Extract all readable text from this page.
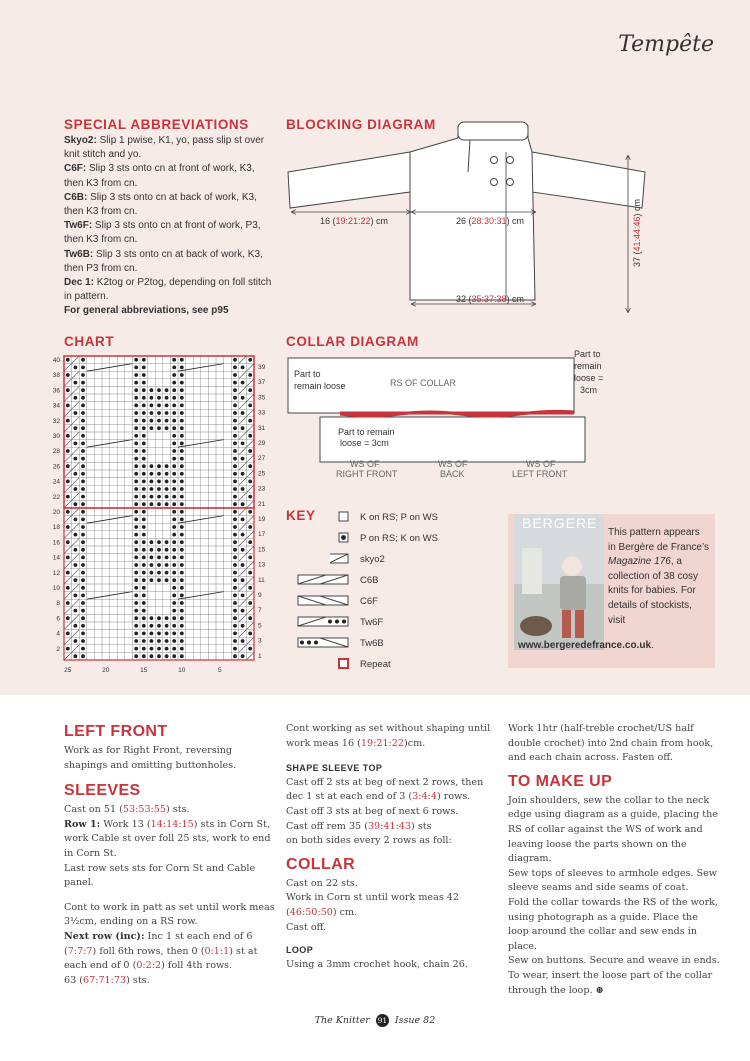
Tempête
SPECIAL ABBREVIATIONS	BLOCKING DIAGRAM
CHART	COLLAR DIAGRAM
KEY

Skyo2: Slip 1 pwise, K1, yo, pass slip st over knit stitch and yo.

C6F: Slip 3 sts onto cn at front of work, K3, then K3 from cn.

C6B: Slip 3 sts onto cn at back of work, K3, then K3 from cn.

Tw6F: Slip 3 sts onto cn at front of work, P3, then K3 from cn.

Tw6B: Slip 3 sts onto cn at back of work, K3, then P3 from cn.

Dec 1: K2tog or P2tog, depending on foll stitch in pattern.

For general abbreviations, see p95

16 (19:21:22) cm	26 (28:30:31) cm
32 (35:37:38) cm
37 (41:44:46) cm
40
38
36
34
32
30
28
26
24
22
20
18
16
14
12
10
8
6
4
2
39
37
35
33
31
29
27
25
23
21
19
17
15
13
11
9
7
5
3
1
25	20	15	10	5
Part to
remain loose	RS OF COLLAR
Part to
remain
loose =
3cm
Part to remain
loose = 3cm
WS OF
RIGHT FRONT
WS OF
BACK
WS OF
LEFT FRONT
K on RS; P on WS
P on RS; K on WS
skyo2
C6B
C6F
Tw6F
Tw6B
Repeat
BERGERE
This pattern appears in Bergère de France’s Magazine 176, a collection of 38 cosy knits for babies. For details of stockists, visit
www.bergeredefrance.co.uk.

LEFT FRONT

Work as for Right Front, reversing shapings and omitting buttonholes.

SLEEVES

Cast on 51 (53:53:55) sts.

Row 1: Work 13 (14:14:15) sts in Corn St, work Cable st over foll 25 sts, work to end in Corn St.

Last row sets sts for Corn St and Cable panel.

Cont to work in patt as set until work meas 3½cm, ending on a RS row.

Next row (inc): Inc 1 st each end of 6 (7:7:7) foll 6th rows, then 0 (0:1:1) st at each end of 0 (0:2:2) foll 4th rows.

63 (67:71:73) sts.

Cont working as set without shaping until work meas 16 (19:21:22)cm.

SHAPE SLEEVE TOP

Cast off 2 sts at beg of next 2 rows, then dec 1 st at each end of 3 (3:4:4) rows.

Cast off 3 sts at beg of next 6 rows.

Cast off rem 35 (39:41:43) sts

on both sides every 2 rows as foll:

COLLAR

Cast on 22 sts.

Work in Corn st until work meas 42 (46:50:50) cm.

Cast off.

LOOP

Using a 3mm crochet hook, chain 26.

Work 1htr (half-treble crochet/US half double crochet) into 2nd chain from hook, and each chain across. Fasten off.

TO MAKE UP

Join shoulders, sew the collar to the neck edge using diagram as a guide, placing the RS of collar against the WS of work and leaving loose the parts shown on the diagram.

Sew tops of sleeves to armhole edges. Sew sleeve seams and side seams of coat.

Fold the collar towards the RS of the work, using photograph as a guide. Place the loop around the collar and sew ends in place.

Sew on buttons. Secure and weave in ends.

To wear, insert the loose part of the collar through the loop. ⊕

The Knitter 91 Issue 82
